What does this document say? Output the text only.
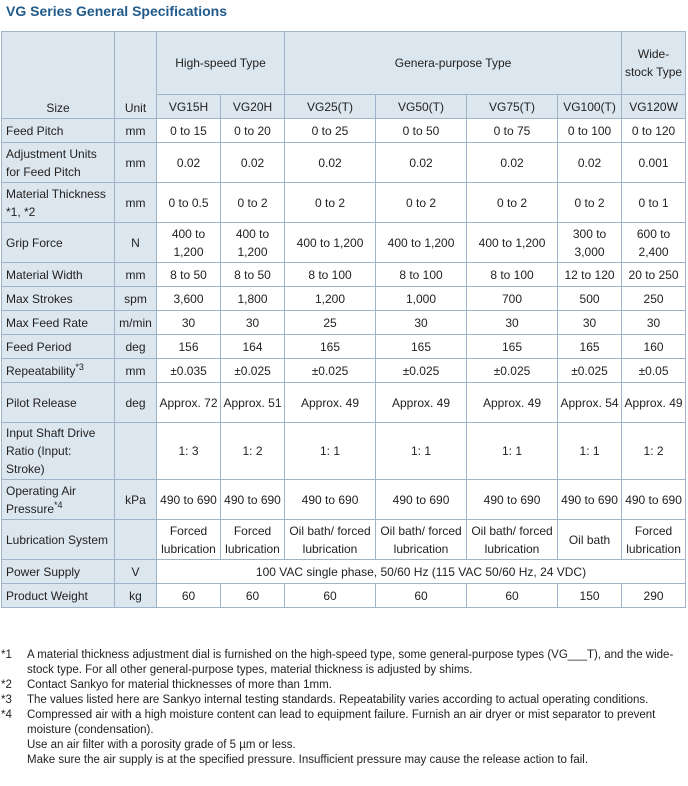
VG Series General Specifications
Size	Unit	High-speed Type		Genera-purpose Type				Wide-stock Type
		VG15H	VG20H	VG25(T)	VG50(T)	VG75(T)	VG100(T)	VG120W
Feed Pitch	mm	0 to 15	0 to 20	0 to 25	0 to 50	0 to 75	0 to 100	0 to 120
Adjustment Units for Feed Pitch	mm	0.02	0.02	0.02	0.02	0.02	0.02	0.001
Material Thickness *1, *2	mm	0 to 0.5	0 to 2	0 to 2	0 to 2	0 to 2	0 to 2	0 to 1
Grip Force	N	400 to 1,200	400 to 1,200	400 to 1,200	400 to 1,200	400 to 1,200	300 to 3,000	600 to 2,400
Material Width	mm	8 to 50	8 to 50	8 to 100	8 to 100	8 to 100	12 to 120	20 to 250
Max Strokes	spm	3,600	1,800	1,200	1,000	700	500	250
Max Feed Rate	m/min	30	30	25	30	30	30	30
Feed Period	deg	156	164	165	165	165	165	160
Repeatability$^{*3}$	mm	±0.035	±0.025	±0.025	±0.025	±0.025	±0.025	±0.05
Pilot Release	deg	Approx. 72	Approx. 51	Approx. 49	Approx. 49	Approx. 49	Approx. 54	Approx. 49
Input Shaft Drive Ratio (Input: Stroke)		1: 3	1: 2	1: 1	1: 1	1: 1	1: 1	1: 2
Operating Air Pressure$^{*4}$	kPa	490 to 690	490 to 690	490 to 690	490 to 690	490 to 690	490 to 690	490 to 690
Lubrication System		Forced lubrication	Forced lubrication	Oil bath/ forced lubrication	Oil bath/ forced lubrication	Oil bath/ forced lubrication	Oil bath	Forced lubrication
Power Supply	V	100 VAC single phase, 50/60 Hz (115 VAC 50/60 Hz, 24 VDC)						
Product Weight	kg	60	60	60	60	60	150	290
*1	A material thickness adjustment dial is furnished on the high-speed type, some general-purpose types (VG___T), and the wide-stock type. For all other general-purpose types, material thickness is adjusted by shims.
*2	Contact Sankyo for material thicknesses of more than 1mm.
*3	The values listed here are Sankyo internal testing standards. Repeatability varies according to actual operating conditions.
*4	Compressed air with a high moisture content can lead to equipment failure. Furnish an air dryer or mist separator to prevent moisture (condensation).
Use an air filter with a porosity grade of 5 µm or less.
Make sure the air supply is at the specified pressure. Insufficient pressure may cause the release action to fail.
